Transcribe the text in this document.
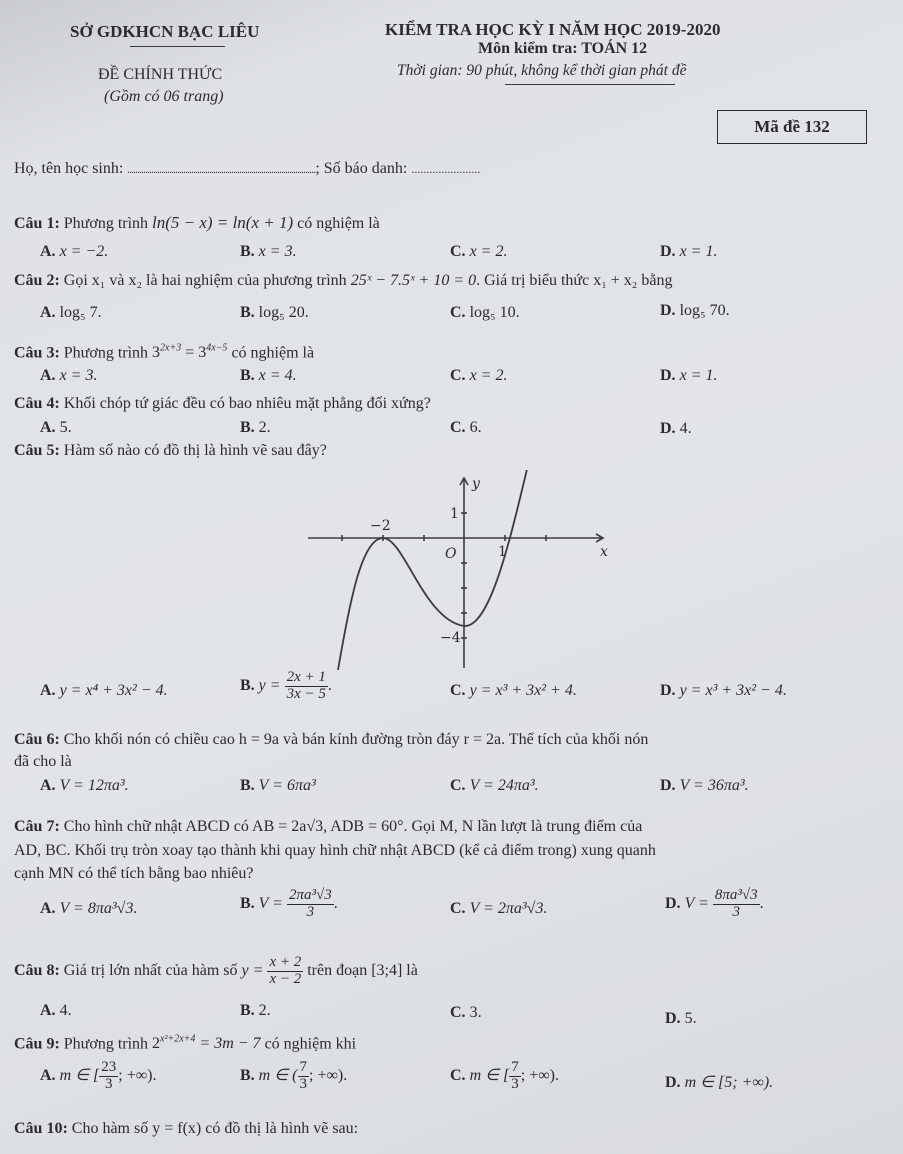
SỞ GDKHCN BẠC LIÊU
ĐỀ CHÍNH THỨC
(Gồm có 06 trang)
KIỂM TRA HỌC KỲ I NĂM HỌC 2019-2020
Môn kiểm tra: TOÁN 12
Thời gian: 90 phút, không kể thời gian phát đề
Mã đề 132
Họ, tên học sinh: ..............................................................................................; Số báo danh: .......................
Câu 1: Phương trình ln(5 − x) = ln(x + 1) có nghiệm là
A. x = −2.	B. x = 3.	C. x = 2.	D. x = 1.
Câu 2: Gọi x₁ và x₂ là hai nghiệm của phương trình 25ˣ − 7.5ˣ + 10 = 0. Giá trị biểu thức x₁ + x₂ bằng
A. log₅ 7.	B. log₅ 20.	C. log₅ 10.	D. log₅ 70.
Câu 3: Phương trình $3^{2x+3} = 3^{4x-5}$ có nghiệm là
A. x = 3.	B. x = 4.	C. x = 2.	D. x = 1.
Câu 4: Khối chóp tứ giác đều có bao nhiêu mặt phẳng đối xứng?
A. 5.	B. 2.	C. 6.	D. 4.
Câu 5: Hàm số nào có đồ thị là hình vẽ sau đây?
−2
O	1
1
−4
x
y
A. y = x⁴ + 3x² − 4.	B. $y = \frac{2x + 1}{3x - 5}$ .	C. y = x³ + 3x² + 4.	D. y = x³ + 3x² − 4.
Câu 6: Cho khối nón có chiều cao h = 9a và bán kính đường tròn đáy r = 2a. Thể tích của khối nón
đã cho là
A. V = 12πa³.	B. V = 6πa³	C. V = 24πa³.	D. V = 36πa³.
Câu 7: Cho hình chữ nhật ABCD có AB = 2a√3, ADB = 60°. Gọi M, N lần lượt là trung điểm của
AD, BC. Khối trụ tròn xoay tạo thành khi quay hình chữ nhật ABCD (kể cả điểm trong) xung quanh
cạnh MN có thể tích bằng bao nhiêu?
A. V = 8πa³√3.	B. $V = \frac{\text{2πa³√3}}{3}$ .	C. V = 2πa³√3.	D. $V = \frac{\text{8πa³√3}}{3}$ .
Câu 8: Giá trị lớn nhất của hàm số $y = \frac{x + 2}{x - 2}$ trên đoạn [3;4] là
A. 4.	B. 2.	C. 3.	D. 5.
Câu 9: Phương trình $2^{x^2+2x+4} = 3m - 7$ có nghiệm khi
A. m ∈ [ $\frac{23}{3}$ ; +∞).	B. m ∈ ( $\frac{7}{3}$ ; +∞).	C. m ∈ [ $\frac{7}{3}$ ; +∞).	D. m ∈ [5; +∞).
Câu 10: Cho hàm số y = f(x) có đồ thị là hình vẽ sau:
